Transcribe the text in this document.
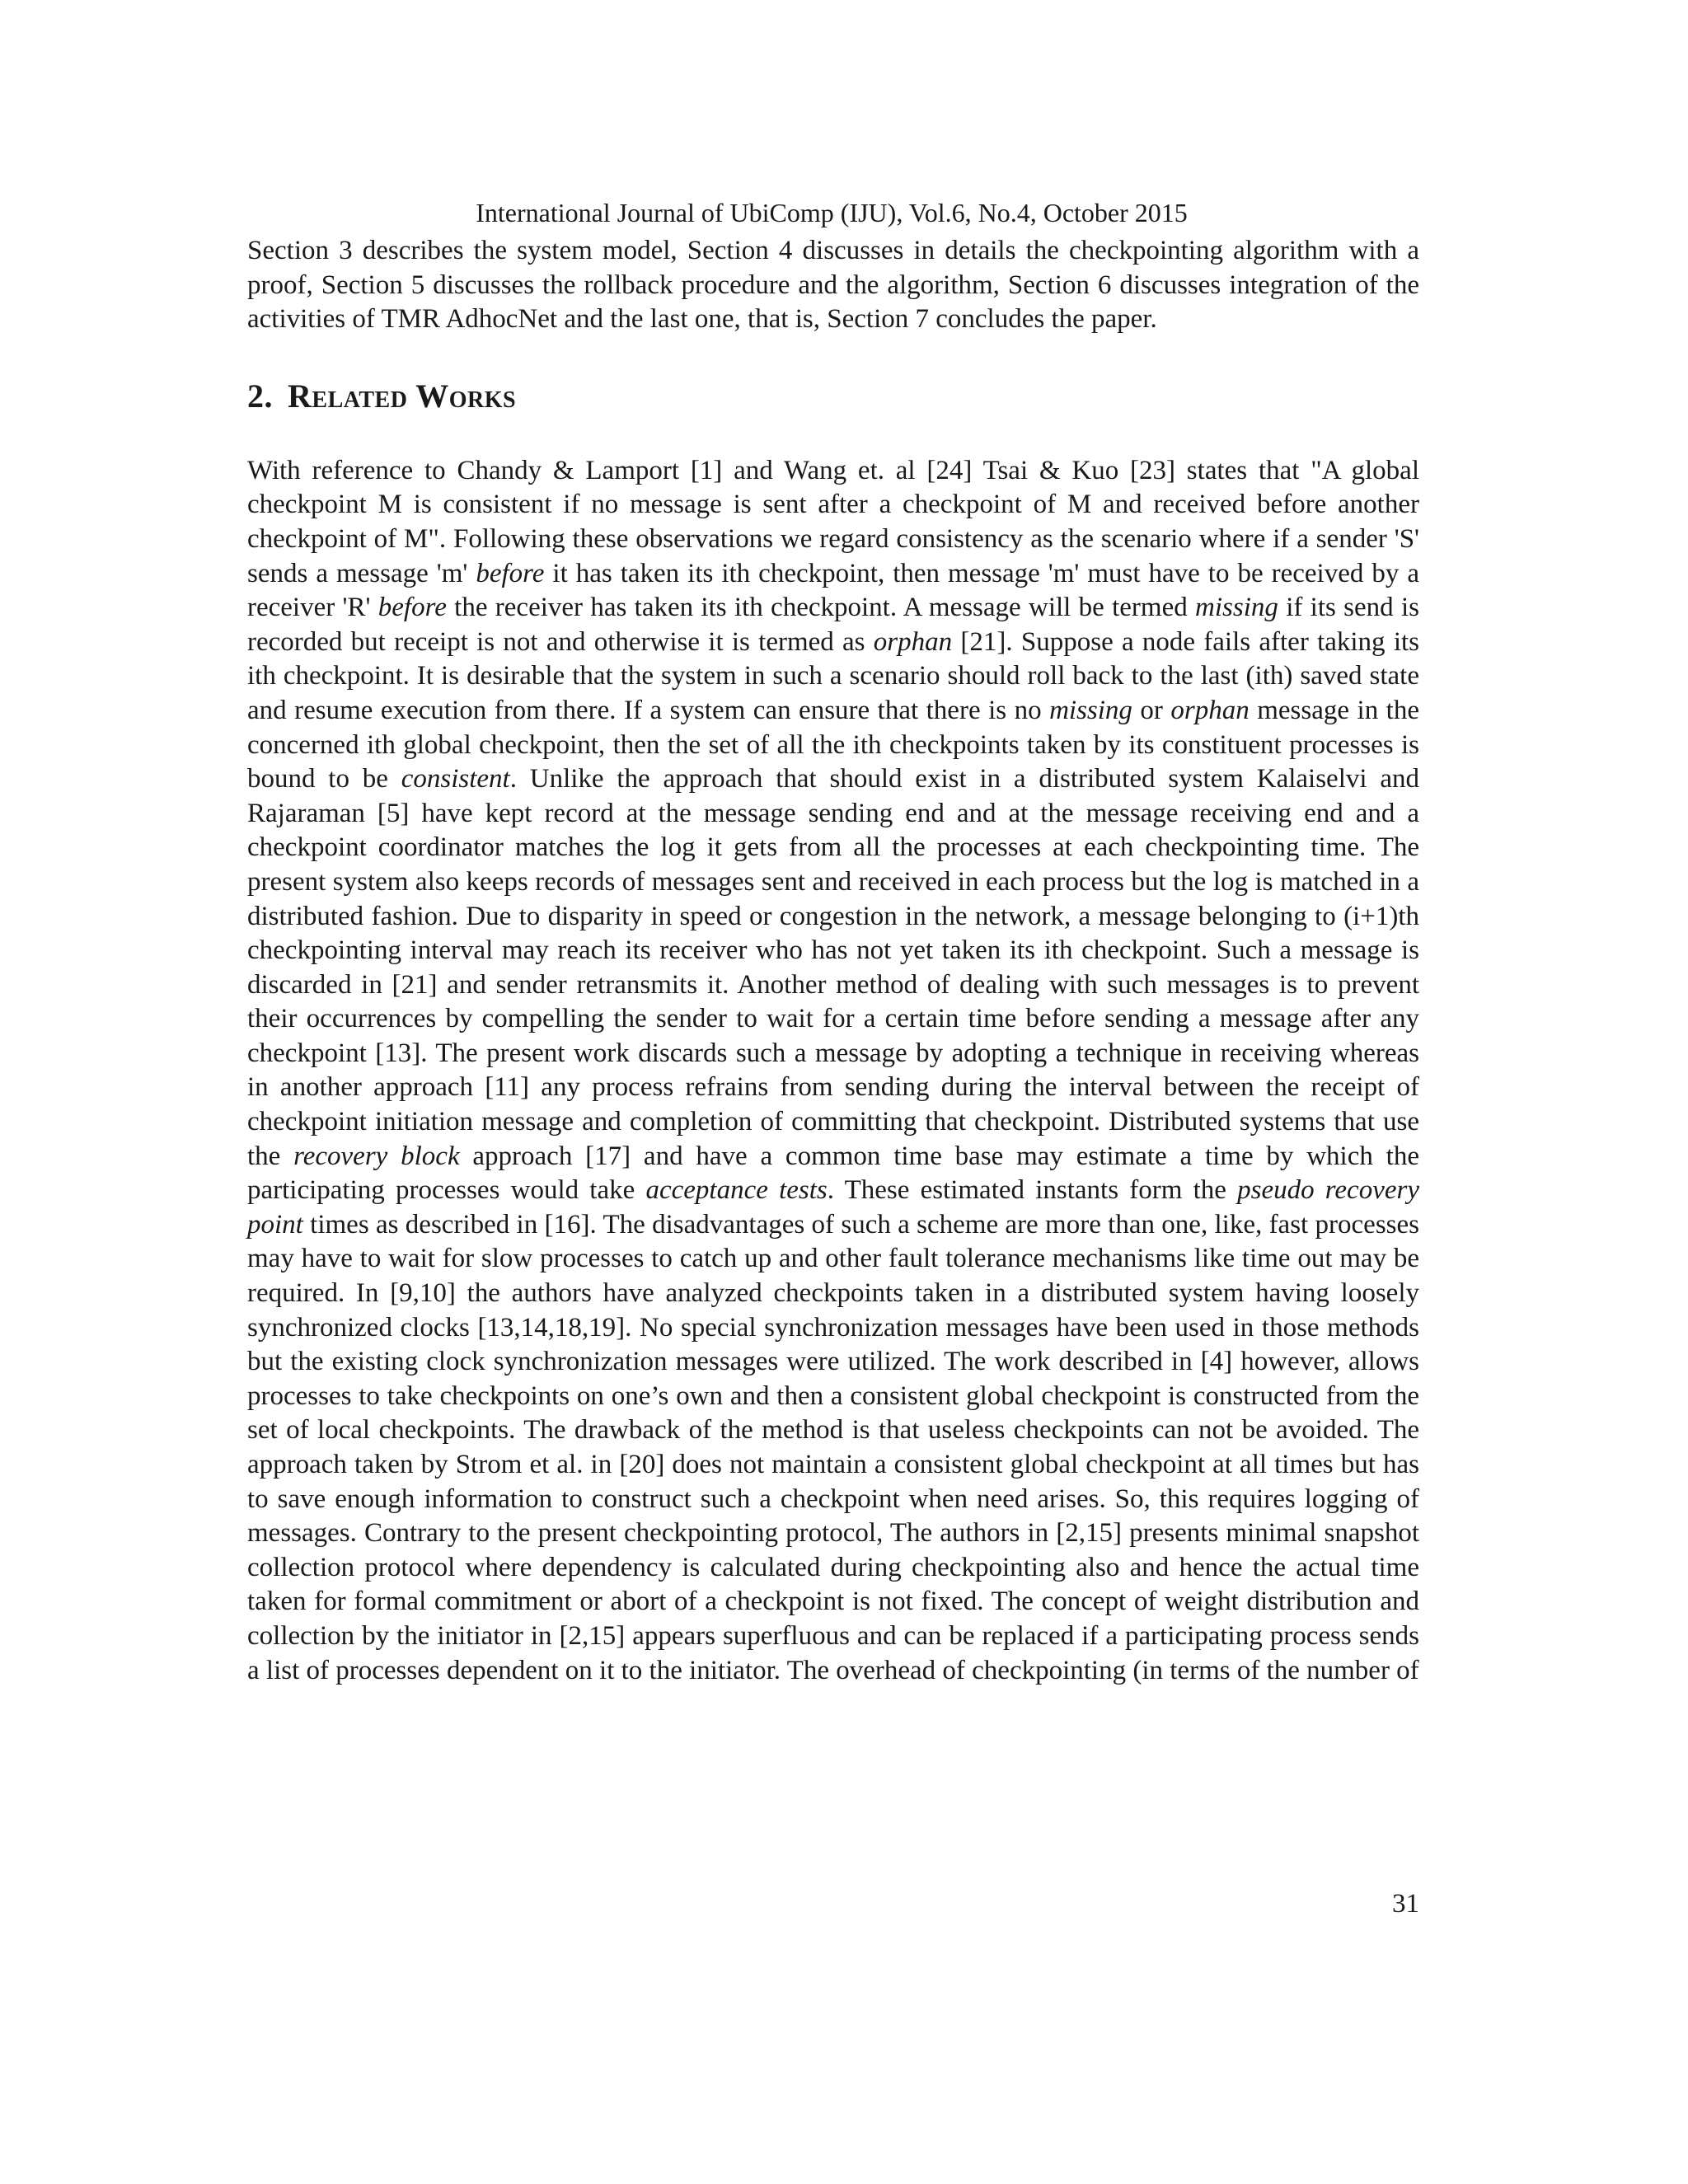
International Journal of UbiComp (IJU), Vol.6, No.4, October 2015

Section 3 describes the system model, Section 4 discusses in details the checkpointing algorithm with a proof, Section 5 discusses the rollback procedure and the algorithm, Section 6 discusses integration of the activities of TMR AdhocNet and the last one, that is, Section 7 concludes the paper.

2. Related Works

With reference to Chandy & Lamport [1] and Wang et. al [24] Tsai & Kuo [23] states that "A global checkpoint M is consistent if no message is sent after a checkpoint of M and received before another checkpoint of M". Following these observations we regard consistency as the scenario where if a sender 'S' sends a message 'm' before it has taken its ith checkpoint, then message 'm' must have to be received by a receiver 'R' before the receiver has taken its ith checkpoint. A message will be termed missing if its send is recorded but receipt is not and otherwise it is termed as orphan [21]. Suppose a node fails after taking its ith checkpoint. It is desirable that the system in such a scenario should roll back to the last (ith) saved state and resume execution from there. If a system can ensure that there is no missing or orphan message in the concerned ith global checkpoint, then the set of all the ith checkpoints taken by its constituent processes is bound to be consistent. Unlike the approach that should exist in a distributed system Kalaiselvi and Rajaraman [5] have kept record at the message sending end and at the message receiving end and a checkpoint coordinator matches the log it gets from all the processes at each checkpointing time. The present system also keeps records of messages sent and received in each process but the log is matched in a distributed fashion. Due to disparity in speed or congestion in the network, a message belonging to (i+1)th checkpointing interval may reach its receiver who has not yet taken its ith checkpoint. Such a message is discarded in [21] and sender retransmits it. Another method of dealing with such messages is to prevent their occurrences by compelling the sender to wait for a certain time before sending a message after any checkpoint [13]. The present work discards such a message by adopting a technique in receiving whereas in another approach [11] any process refrains from sending during the interval between the receipt of checkpoint initiation message and completion of committing that checkpoint. Distributed systems that use the recovery block approach [17] and have a common time base may estimate a time by which the participating processes would take acceptance tests. These estimated instants form the pseudo recovery point times as described in [16]. The disadvantages of such a scheme are more than one, like, fast processes may have to wait for slow processes to catch up and other fault tolerance mechanisms like time out may be required. In [9,10] the authors have analyzed checkpoints taken in a distributed system having loosely synchronized clocks [13,14,18,19]. No special synchronization messages have been used in those methods but the existing clock synchronization messages were utilized. The work described in [4] however, allows processes to take checkpoints on one’s own and then a consistent global checkpoint is constructed from the set of local checkpoints. The drawback of the method is that useless checkpoints can not be avoided. The approach taken by Strom et al. in [20] does not maintain a consistent global checkpoint at all times but has to save enough information to construct such a checkpoint when need arises. So, this requires logging of messages. Contrary to the present checkpointing protocol, The authors in [2,15] presents minimal snapshot collection protocol where dependency is calculated during checkpointing also and hence the actual time taken for formal commitment or abort of a checkpoint is not fixed. The concept of weight distribution and collection by the initiator in [2,15] appears superfluous and can be replaced if a participating process sends a list of processes dependent on it to the initiator. The overhead of checkpointing (in terms of the number of

31
